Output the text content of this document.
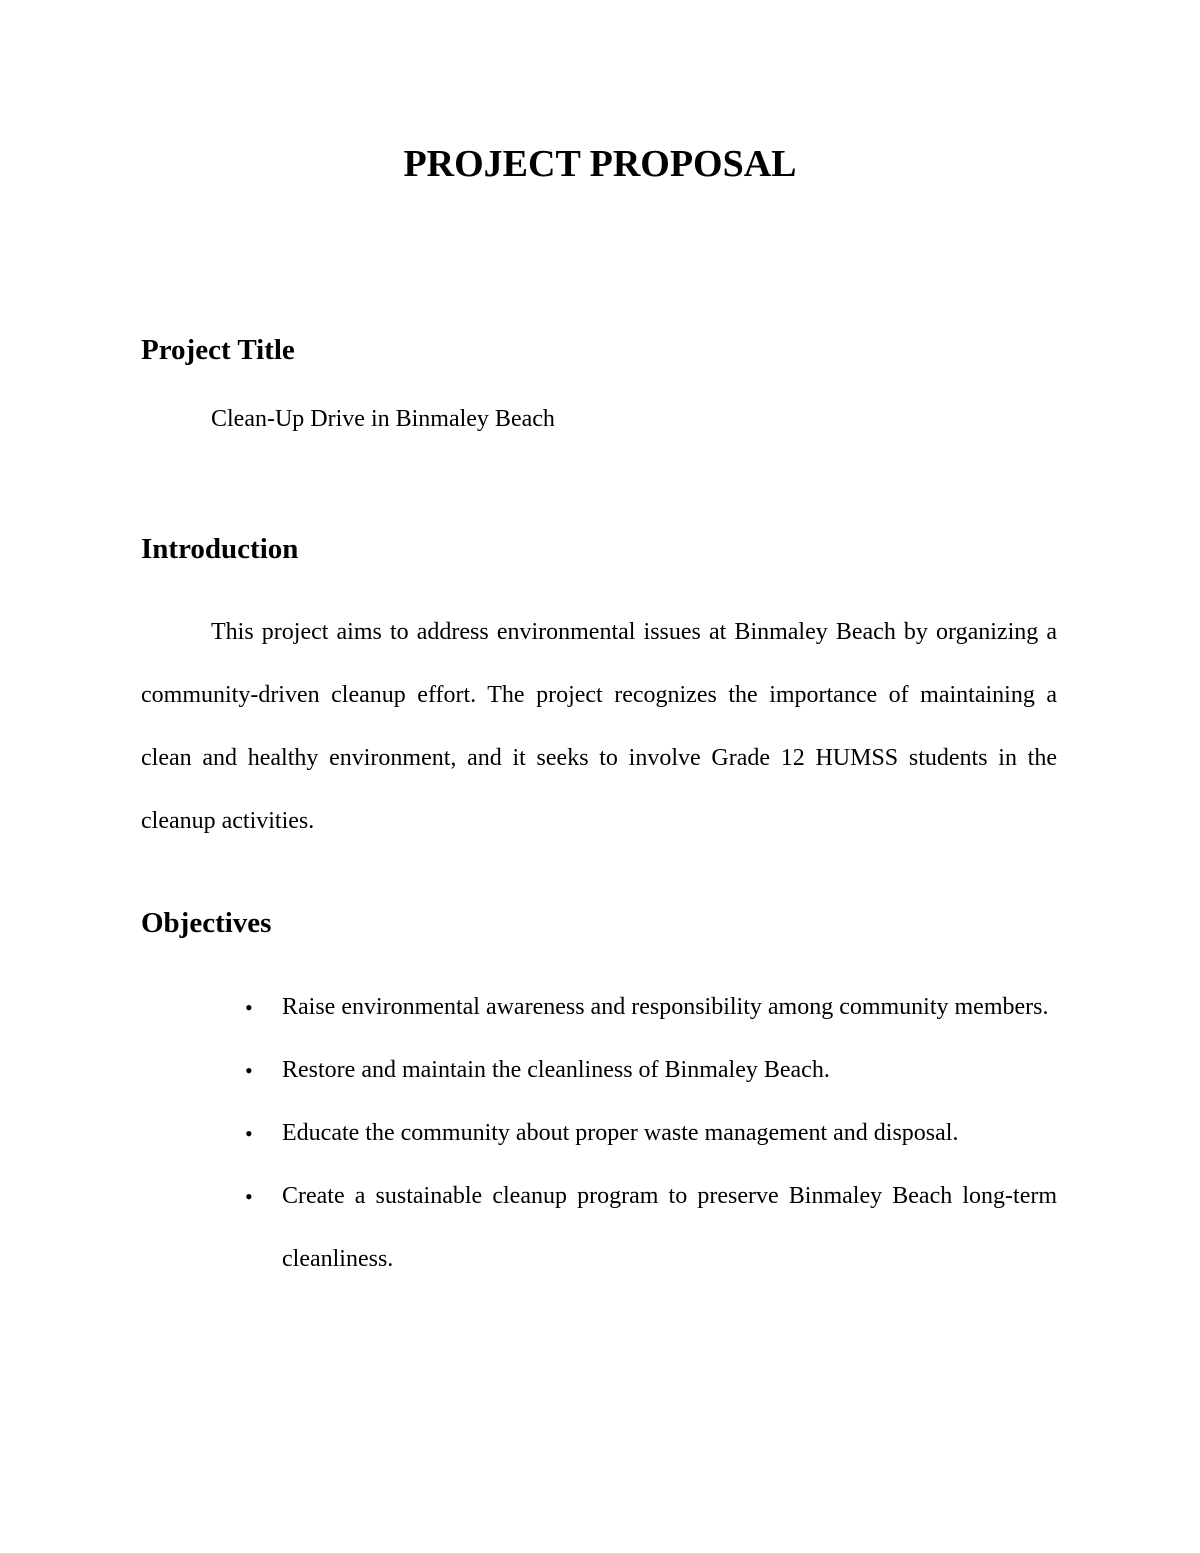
PROJECT PROPOSAL
Project Title

Clean-Up Drive in Binmaley Beach

Introduction

This project aims to address environmental issues at Binmaley Beach by organizing a community-driven cleanup effort. The project recognizes the importance of maintaining a clean and healthy environment, and it seeks to involve Grade 12 HUMSS students in the cleanup activities.

Objectives
• Raise environmental awareness and responsibility among community members.
• Restore and maintain the cleanliness of Binmaley Beach.
• Educate the community about proper waste management and disposal.
• Create a sustainable cleanup program to preserve Binmaley Beach long-term cleanliness.
